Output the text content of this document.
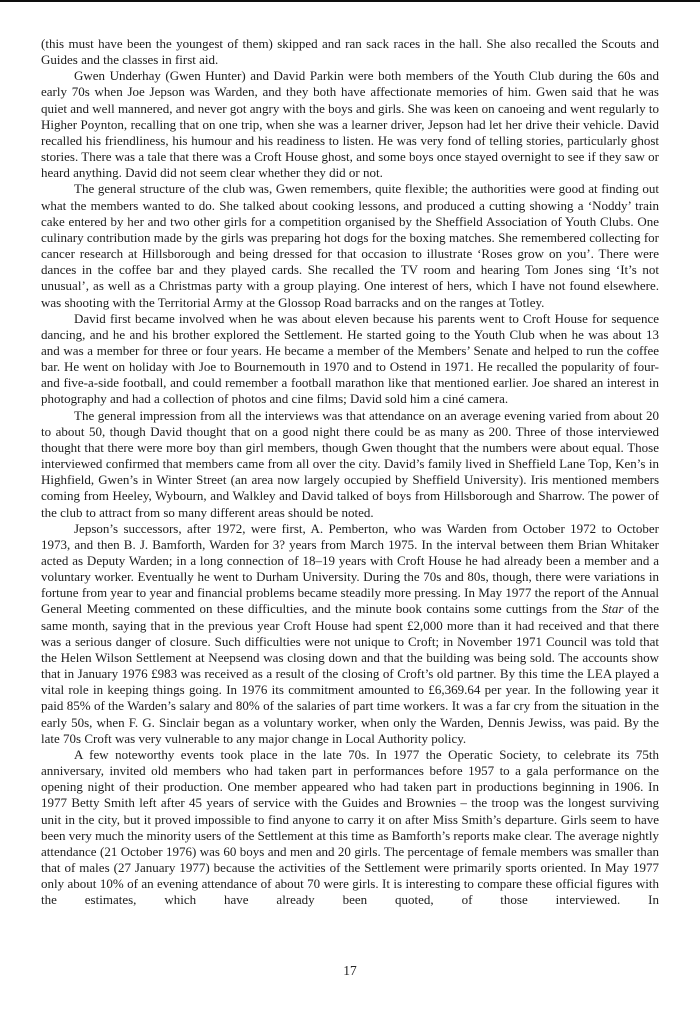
(this must have been the youngest of them) skipped and ran sack races in the hall. She also recalled the Scouts and Guides and the classes in first aid.

Gwen Underhay (Gwen Hunter) and David Parkin were both members of the Youth Club during the 60s and early 70s when Joe Jepson was Warden, and they both have affectionate memories of him. Gwen said that he was quiet and well mannered, and never got angry with the boys and girls. She was keen on canoeing and went regularly to Higher Poynton, recalling that on one trip, when she was a learner driver, Jepson had let her drive their vehicle. David recalled his friendliness, his humour and his readiness to listen. He was very fond of telling stories, particularly ghost stories. There was a tale that there was a Croft House ghost, and some boys once stayed overnight to see if they saw or heard anything. David did not seem clear whether they did or not.

The general structure of the club was, Gwen remembers, quite flexible; the authorities were good at finding out what the members wanted to do. She talked about cooking lessons, and produced a cutting showing a ‘Noddy’ train cake entered by her and two other girls for a competition organised by the Sheffield Association of Youth Clubs. One culinary contribution made by the girls was preparing hot dogs for the boxing matches. She remembered collecting for cancer research at Hillsborough and being dressed for that occasion to illustrate ‘Roses grow on you’. There were dances in the coffee bar and they played cards. She recalled the TV room and hearing Tom Jones sing ‘It’s not unusual’, as well as a Christmas party with a group playing. One interest of hers, which I have not found elsewhere. was shooting with the Territorial Army at the Glossop Road barracks and on the ranges at Totley.

David first became involved when he was about eleven because his parents went to Croft House for sequence dancing, and he and his brother explored the Settlement. He started going to the Youth Club when he was about 13 and was a member for three or four years. He became a member of the Members’ Senate and helped to run the coffee bar. He went on holiday with Joe to Bournemouth in 1970 and to Ostend in 1971. He recalled the popularity of four- and five-a-side football, and could remember a football marathon like that mentioned earlier. Joe shared an interest in photography and had a collection of photos and cine films; David sold him a ciné camera.

The general impression from all the interviews was that attendance on an average evening varied from about 20 to about 50, though David thought that on a good night there could be as many as 200. Three of those interviewed thought that there were more boy than girl members, though Gwen thought that the numbers were about equal. Those interviewed confirmed that members came from all over the city. David’s family lived in Sheffield Lane Top, Ken’s in Highfield, Gwen’s in Winter Street (an area now largely occupied by Sheffield University). Iris mentioned members coming from Heeley, Wybourn, and Walkley and David talked of boys from Hillsborough and Sharrow. The power of the club to attract from so many different areas should be noted.

Jepson’s successors, after 1972, were first, A. Pemberton, who was Warden from October 1972 to October 1973, and then B. J. Bamforth, Warden for 3? years from March 1975. In the interval between them Brian Whitaker acted as Deputy Warden; in a long connection of 18–19 years with Croft House he had already been a member and a voluntary worker. Eventually he went to Durham University. During the 70s and 80s, though, there were variations in fortune from year to year and financial problems became steadily more pressing. In May 1977 the report of the Annual General Meeting commented on these difficulties, and the minute book contains some cuttings from the Star of the same month, saying that in the previous year Croft House had spent £2,000 more than it had received and that there was a serious danger of closure. Such difficulties were not unique to Croft; in November 1971 Council was told that the Helen Wilson Settlement at Neepsend was closing down and that the building was being sold. The accounts show that in January 1976 £983 was received as a result of the closing of Croft’s old partner. By this time the LEA played a vital role in keeping things going. In 1976 its commitment amounted to £6,369.64 per year. In the following year it paid 85% of the Warden’s salary and 80% of the salaries of part time workers. It was a far cry from the situation in the early 50s, when F. G. Sinclair began as a voluntary worker, when only the Warden, Dennis Jewiss, was paid. By the late 70s Croft was very vulnerable to any major change in Local Authority policy.

A few noteworthy events took place in the late 70s. In 1977 the Operatic Society, to celebrate its 75th anniversary, invited old members who had taken part in performances before 1957 to a gala performance on the opening night of their production. One member appeared who had taken part in productions beginning in 1906. In 1977 Betty Smith left after 45 years of service with the Guides and Brownies – the troop was the longest surviving unit in the city, but it proved impossible to find anyone to carry it on after Miss Smith’s departure. Girls seem to have been very much the minority users of the Settlement at this time as Bamforth’s reports make clear. The average nightly attendance (21 October 1976) was 60 boys and men and 20 girls. The percentage of female members was smaller than that of males (27 January 1977) because the activities of the Settlement were primarily sports oriented. In May 1977 only about 10% of an evening attendance of about 70 were girls. It is interesting to compare these official figures with the estimates, which have already been quoted, of those interviewed. In

17
